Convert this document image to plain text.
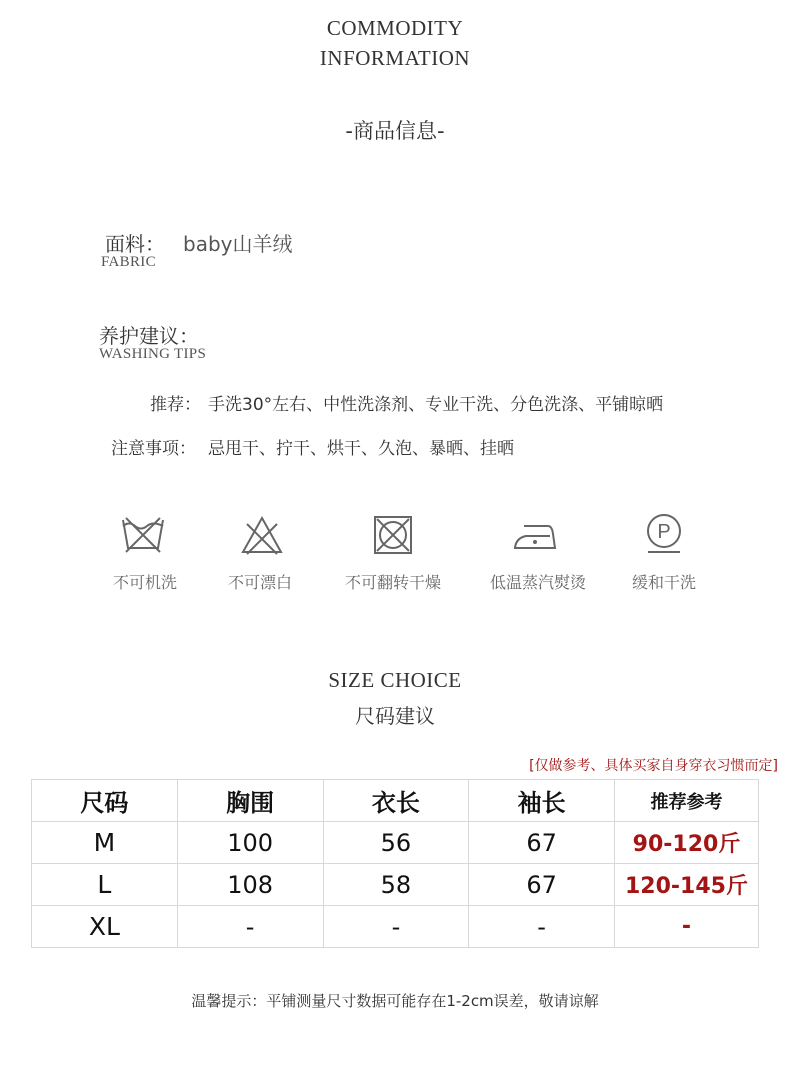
COMMODITY
INFORMATION
-商品信息-
面料： baby山羊绒
FABRIC
养护建议：
WASHING TIPS
推荐： 手洗30°左右、中性洗涤剂、专业干洗、分色洗涤、平铺晾晒
注意事项： 忌甩干、拧干、烘干、久泡、暴晒、挂晒
P
不可机洗	不可漂白	不可翻转干燥	低温蒸汽熨烫	缓和干洗
SIZE CHOICE
尺码建议
[仅做参考、具体买家自身穿衣习惯而定]
尺码	胸围	衣长	袖长	推荐参考
M	100	56	67	90-120斤
L	108	58	67	120-145斤
XL	-	-	-	-
温馨提示：平铺测量尺寸数据可能存在1-2cm误差，敬请谅解
